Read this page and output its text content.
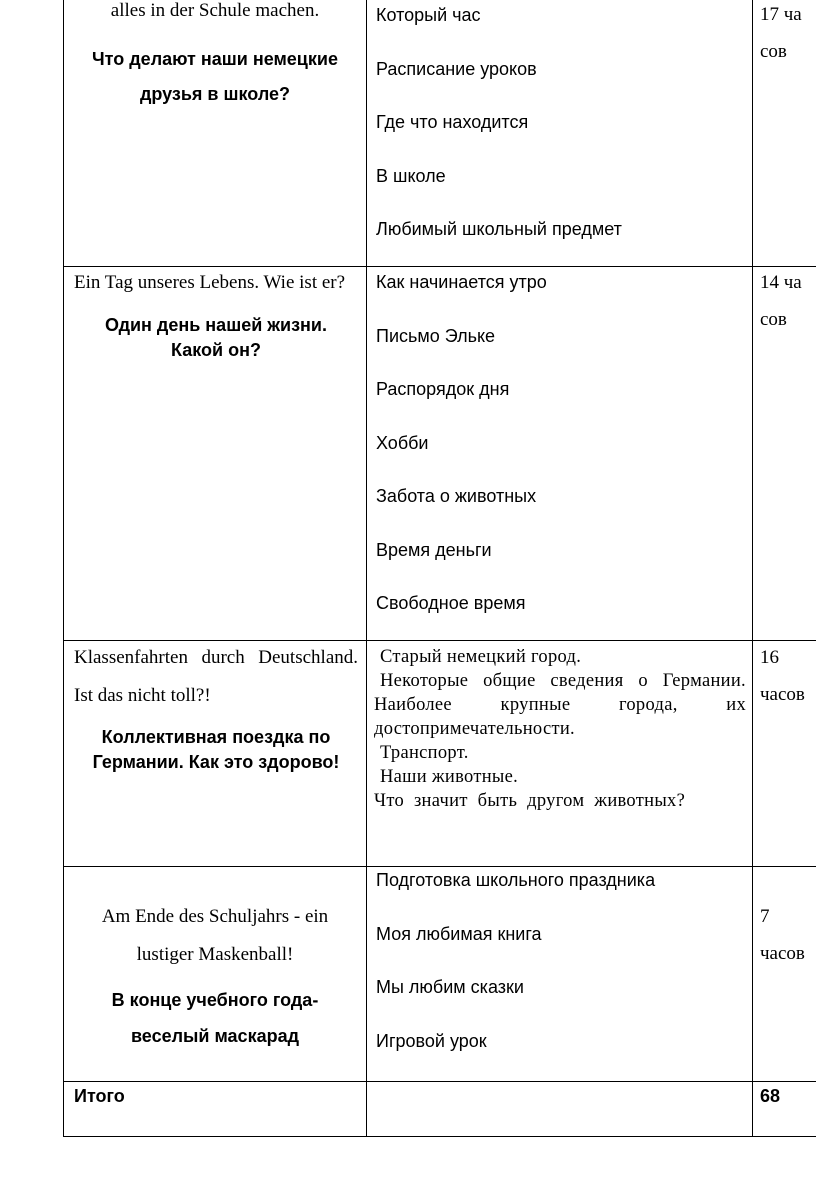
alles in der Schule machen.

Что делают наши немецкие друзья в школе?

Который час

Расписание уроков

Где что находится

В школе

Любимый школьный предмет

17 часов

Ein Tag unseres Lebens. Wie ist er?

Один день нашей жизни. Какой он?

Как начинается утро

Письмо Эльке

Распорядок дня

Хобби

Забота о животных

Время деньги

Свободное время

14 часов

Klassenfahrten durch Deutschland. Ist das nicht toll?!

Коллективная поездка по Германии. Как это здорово!

Старый немецкий город.

Некоторые общие сведения о Германии. Наиболее крупные города, их достопримечательности.

Транспорт.

Наши животные.

Что значит быть другом животных?

16 часов

Am Ende des Schuljahrs - ein lustiger Maskenball!

В конце учебного года- веселый маскарад

Подготовка школьного праздника

Моя любимая книга

Мы любим сказки

Игровой урок

7 часов
Итого	68
